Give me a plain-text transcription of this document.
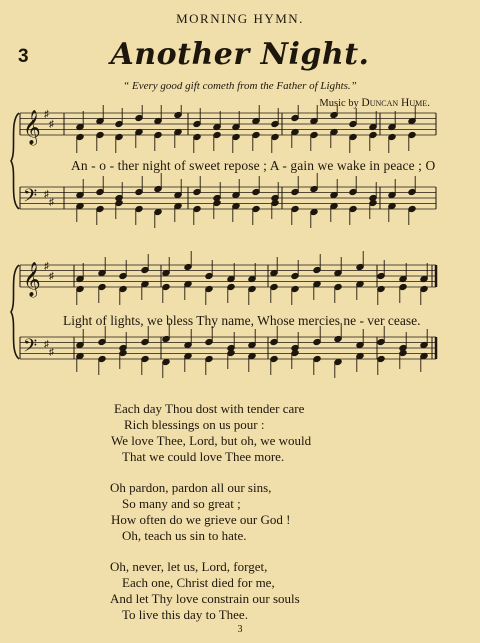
MORNING HYMN.
3	Another Night.
“ Every good gift cometh from the Father of Lights.”
Music by Duncan Hume.
𝄞 ♯
♯
𝄢 ♯
♯
𝄞 ♯
♯
𝄢 ♯
♯
An - o - ther night of sweet repose ; A - gain we wake in peace ; O
Light of lights, we bless Thy name, Whose mercies ne - ver cease.
Each day Thou dost with tender care
Rich blessings on us pour :
We love Thee, Lord, but oh, we would
That we could love Thee more.
Oh pardon, pardon all our sins,
So many and so great ;
How often do we grieve our God !
Oh, teach us sin to hate.
Oh, never, let us, Lord, forget,
Each one, Christ died for me,
And let Thy love constrain our souls
To live this day to Thee.
3
